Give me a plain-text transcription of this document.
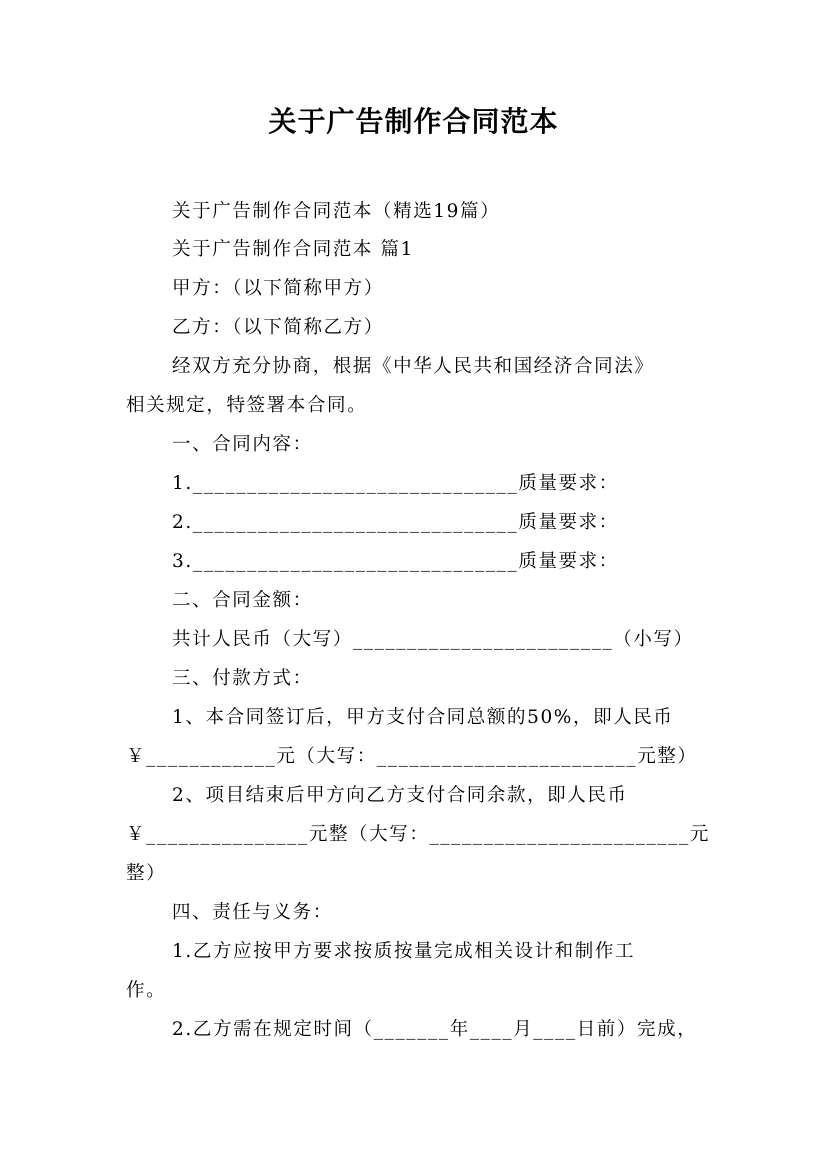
关于广告制作合同范本
关于广告制作合同范本（精选19篇）
关于广告制作合同范本 篇1
甲方：（以下简称甲方）
乙方：（以下简称乙方）
经双方充分协商，根据《中华人民共和国经济合同法》
相关规定，特签署本合同。
一、合同内容：
1.______________________________质量要求：
2.______________________________质量要求：
3.______________________________质量要求：
二、合同金额：
共计人民币（大写）________________________（小写）
三、付款方式：
1、本合同签订后，甲方支付合同总额的50%，即人民币
￥____________元（大写：________________________元整）
2、项目结束后甲方向乙方支付合同余款，即人民币
￥_______________元整（大写：________________________元
整）
四、责任与义务：
1.乙方应按甲方要求按质按量完成相关设计和制作工
作。
2.乙方需在规定时间（_______年____月____日前）完成，
